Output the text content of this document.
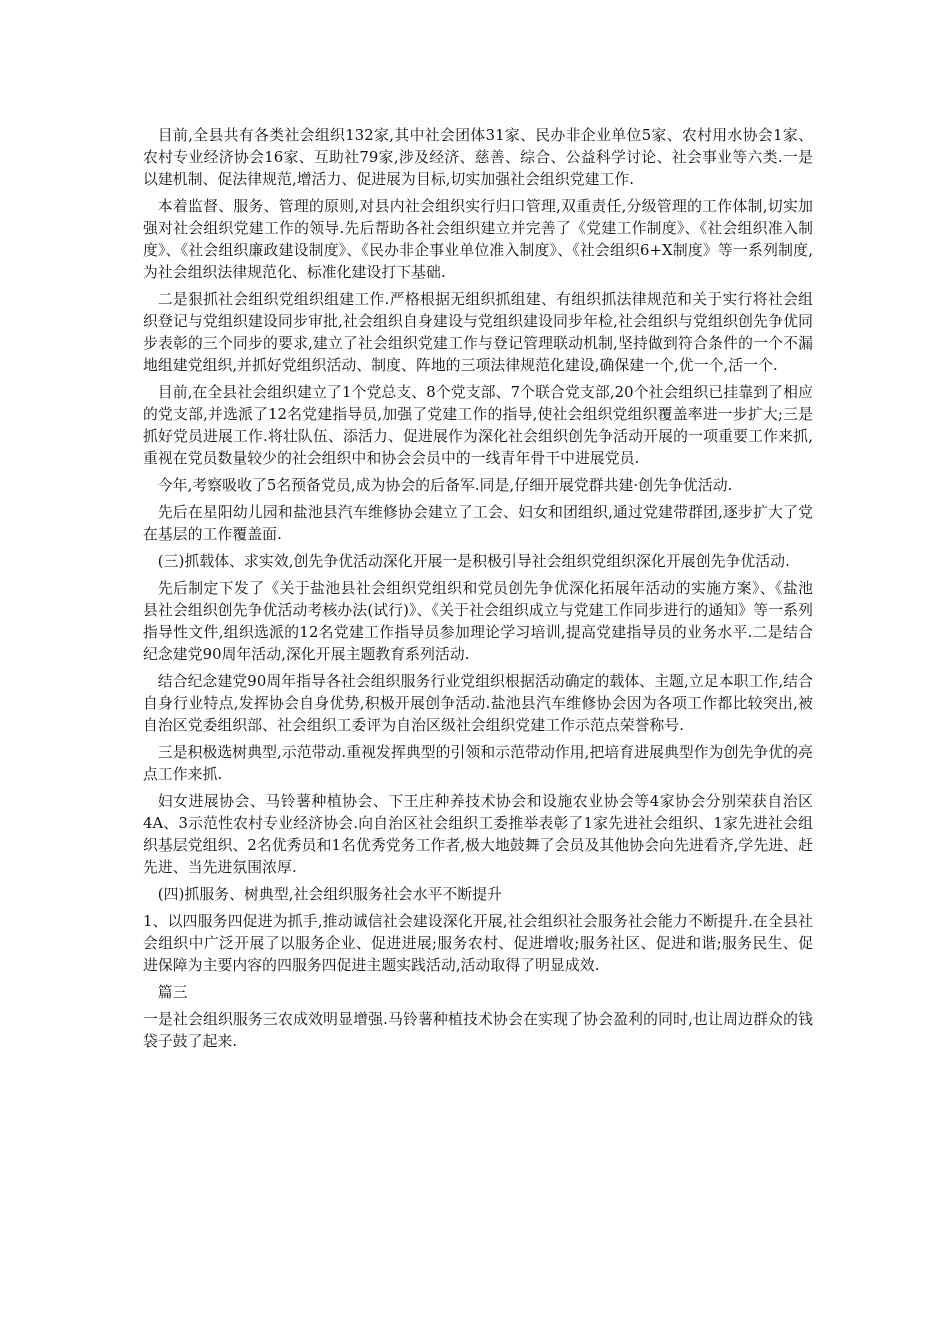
目前,全县共有各类社会组织132家,其中社会团体31家、民办非企业单位5家、农村用水协会1家、农村专业经济协会16家、互助社79家,涉及经济、慈善、综合、公益科学讨论、社会事业等六类.一是以建机制、促法律规范,增活力、促进展为目标,切实加强社会组织党建工作.

本着监督、服务、管理的原则,对县内社会组织实行归口管理,双重责任,分级管理的工作体制,切实加强对社会组织党建工作的领导.先后帮助各社会组织建立并完善了《党建工作制度》、《社会组织准入制度》、《社会组织廉政建设制度》、《民办非企事业单位准入制度》、《社会组织6+X制度》等一系列制度,为社会组织法律规范化、标准化建设打下基础.

二是狠抓社会组织党组织组建工作.严格根据无组织抓组建、有组织抓法律规范和关于实行将社会组织登记与党组织建设同步审批,社会组织自身建设与党组织建设同步年检,社会组织与党组织创先争优同步表彰的三个同步的要求,建立了社会组织党建工作与登记管理联动机制,坚持做到符合条件的一个不漏地组建党组织,并抓好党组织活动、制度、阵地的三项法律规范化建设,确保建一个,优一个,活一个.

目前,在全县社会组织建立了1个党总支、8个党支部、7个联合党支部,20个社会组织已挂靠到了相应的党支部,并选派了12名党建指导员,加强了党建工作的指导,使社会组织党组织覆盖率进一步扩大;三是抓好党员进展工作.将壮队伍、添活力、促进展作为深化社会组织创先争活动开展的一项重要工作来抓,重视在党员数量较少的社会组织中和协会会员中的一线青年骨干中进展党员.

今年,考察吸收了5名预备党员,成为协会的后备军.同是,仔细开展党群共建·创先争优活动.

先后在星阳幼儿园和盐池县汽车维修协会建立了工会、妇女和团组织,通过党建带群团,逐步扩大了党在基层的工作覆盖面.

(三)抓载体、求实效,创先争优活动深化开展一是积极引导社会组织党组织深化开展创先争优活动.

先后制定下发了《关于盐池县社会组织党组织和党员创先争优深化拓展年活动的实施方案》、《盐池县社会组织创先争优活动考核办法(试行)》、《关于社会组织成立与党建工作同步进行的通知》等一系列指导性文件,组织选派的12名党建工作指导员参加理论学习培训,提高党建指导员的业务水平.二是结合纪念建党90周年活动,深化开展主题教育系列活动.

结合纪念建党90周年指导各社会组织服务行业党组织根据活动确定的载体、主题,立足本职工作,结合自身行业特点,发挥协会自身优势,积极开展创争活动.盐池县汽车维修协会因为各项工作都比较突出,被自治区党委组织部、社会组织工委评为自治区级社会组织党建工作示范点荣誉称号.

三是积极选树典型,示范带动.重视发挥典型的引领和示范带动作用,把培育进展典型作为创先争优的亮点工作来抓.

妇女进展协会、马铃薯种植协会、下王庄种养技术协会和设施农业协会等4家协会分别荣获自治区4A、3示范性农村专业经济协会.向自治区社会组织工委推举表彰了1家先进社会组织、1家先进社会组织基层党组织、2名优秀员和1名优秀党务工作者,极大地鼓舞了会员及其他协会向先进看齐,学先进、赶先进、当先进氛围浓厚.

(四)抓服务、树典型,社会组织服务社会水平不断提升

1、以四服务四促进为抓手,推动诚信社会建设深化开展,社会组织社会服务社会能力不断提升.在全县社会组织中广泛开展了以服务企业、促进进展;服务农村、促进增收;服务社区、促进和谐;服务民生、促进保障为主要内容的四服务四促进主题实践活动,活动取得了明显成效.

篇三

一是社会组织服务三农成效明显增强.马铃薯种植技术协会在实现了协会盈利的同时,也让周边群众的钱袋子鼓了起来.
